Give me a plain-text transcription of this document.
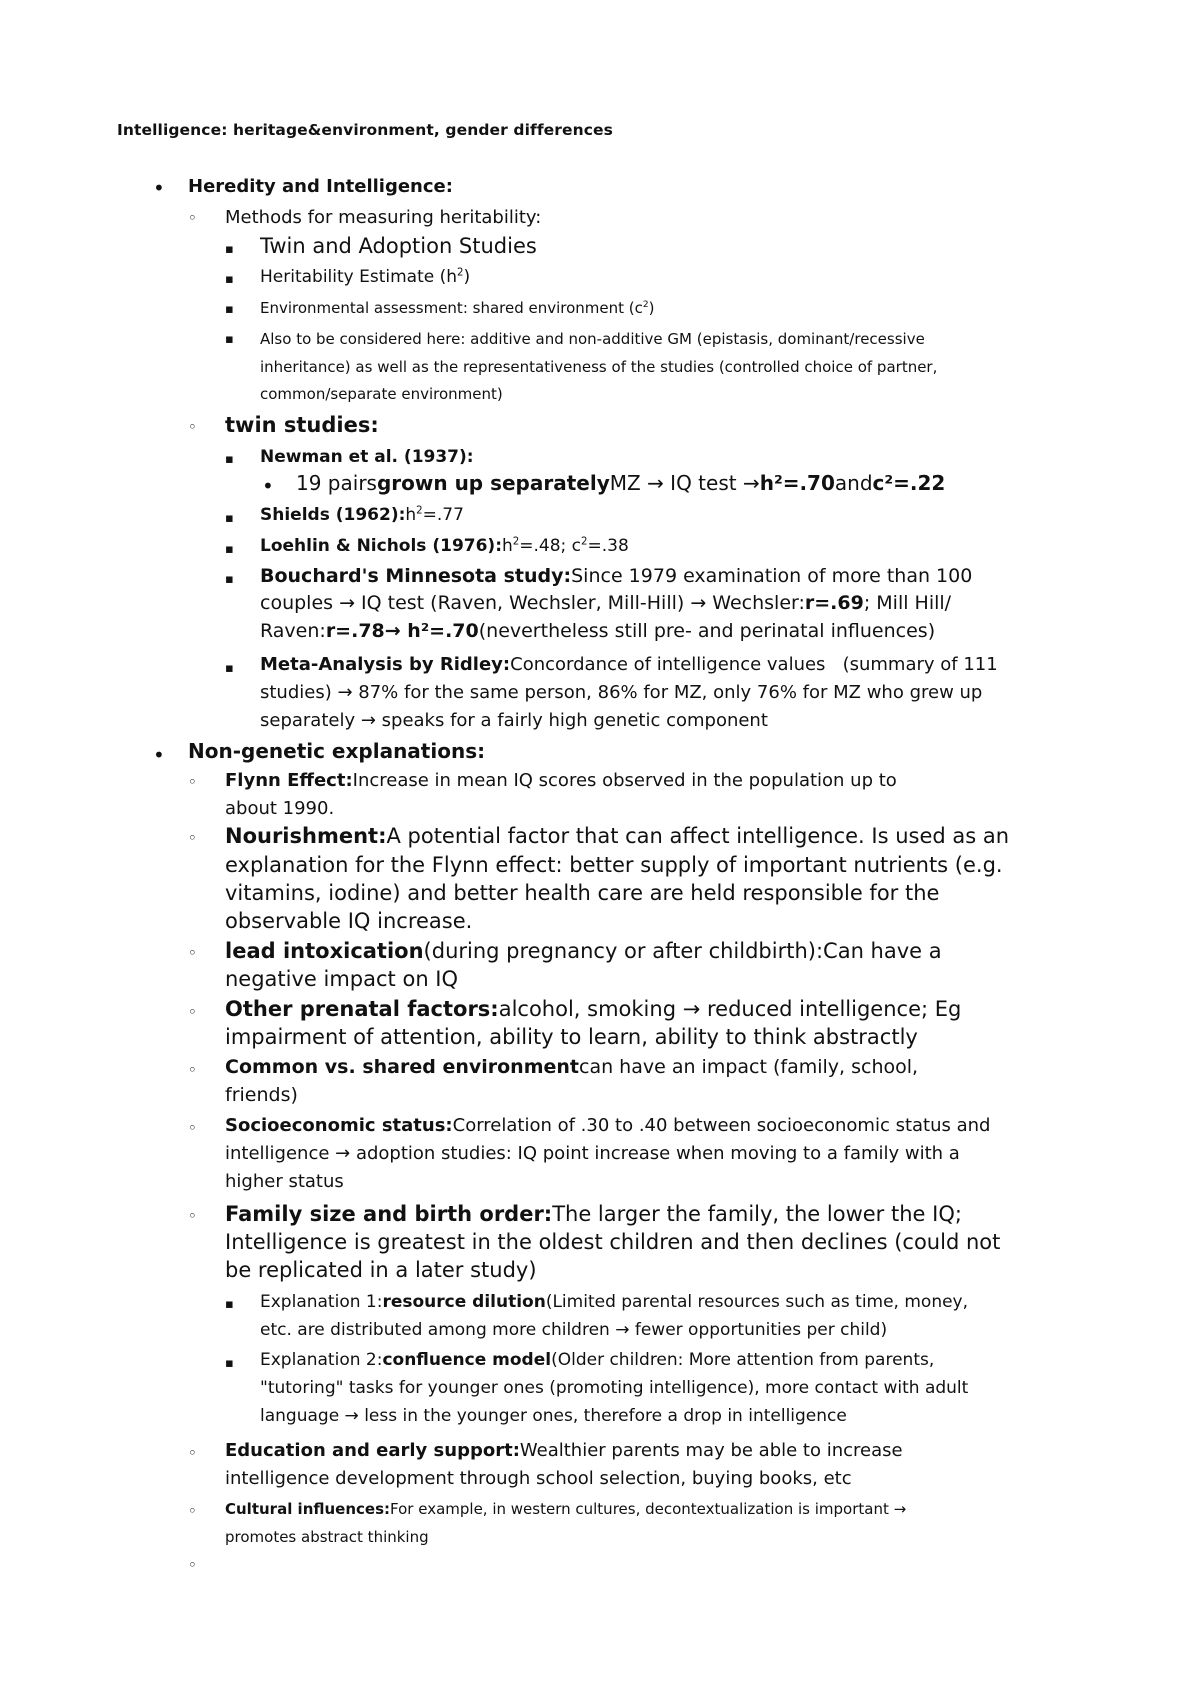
Intelligence: heritage&environment, gender differences
• Heredity and Intelligence:
◦ Methods for measuring heritability:
▪ Twin and Adoption Studies
▪ Heritability Estimate $(h^2)$
▪ Environmental assessment: shared environment $(c^2)$
▪ Also to be considered here: additive and non-additive GM (epistasis, dominant/recessive
inheritance) as well as the representativeness of the studies (controlled choice of partner,
common/separate environment)
◦ twin studies:
▪ Newman et al. (1937):
• 19 pairsgrown up separatelyMZ → IQ test →h²=.70andc²=.22
▪ Shields $(1962):h^2=.77$
▪ Loehlin & Nichols $(1976):h^2=.48$; $c^2=.38$
▪ Bouchard's Minnesota study:Since 1979 examination of more than 100
couples → IQ test (Raven, Wechsler, Mill-Hill) → Wechsler:r=.69; Mill Hill/
Raven:r=.78→ h²=.70(nevertheless still pre- and perinatal influences)
▪ Meta-Analysis by Ridley:Concordance of intelligence values   (summary of 111
studies) → 87% for the same person, 86% for MZ, only 76% for MZ who grew up
separately → speaks for a fairly high genetic component
• Non-genetic explanations:
◦ Flynn Effect:Increase in mean IQ scores observed in the population up to
about 1990.
◦ Nourishment:A potential factor that can affect intelligence. Is used as an
explanation for the Flynn effect: better supply of important nutrients (e.g.
vitamins, iodine) and better health care are held responsible for the
observable IQ increase.
◦ lead intoxication(during pregnancy or after childbirth):Can have a
negative impact on IQ
◦ Other prenatal factors:alcohol, smoking → reduced intelligence; Eg
impairment of attention, ability to learn, ability to think abstractly
◦ Common vs. shared environmentcan have an impact (family, school,
friends)
◦ Socioeconomic status:Correlation of .30 to .40 between socioeconomic status and
intelligence → adoption studies: IQ point increase when moving to a family with a
higher status
◦ Family size and birth order:The larger the family, the lower the IQ;
Intelligence is greatest in the oldest children and then declines (could not
be replicated in a later study)
▪ Explanation 1:resource dilution(Limited parental resources such as time, money,
etc. are distributed among more children → fewer opportunities per child)
▪ Explanation 2:confluence model(Older children: More attention from parents,
"tutoring" tasks for younger ones (promoting intelligence), more contact with adult
language → less in the younger ones, therefore a drop in intelligence
◦ Education and early support:Wealthier parents may be able to increase
intelligence development through school selection, buying books, etc
◦ Cultural influences:For example, in western cultures, decontextualization is important →
promotes abstract thinking
◦
